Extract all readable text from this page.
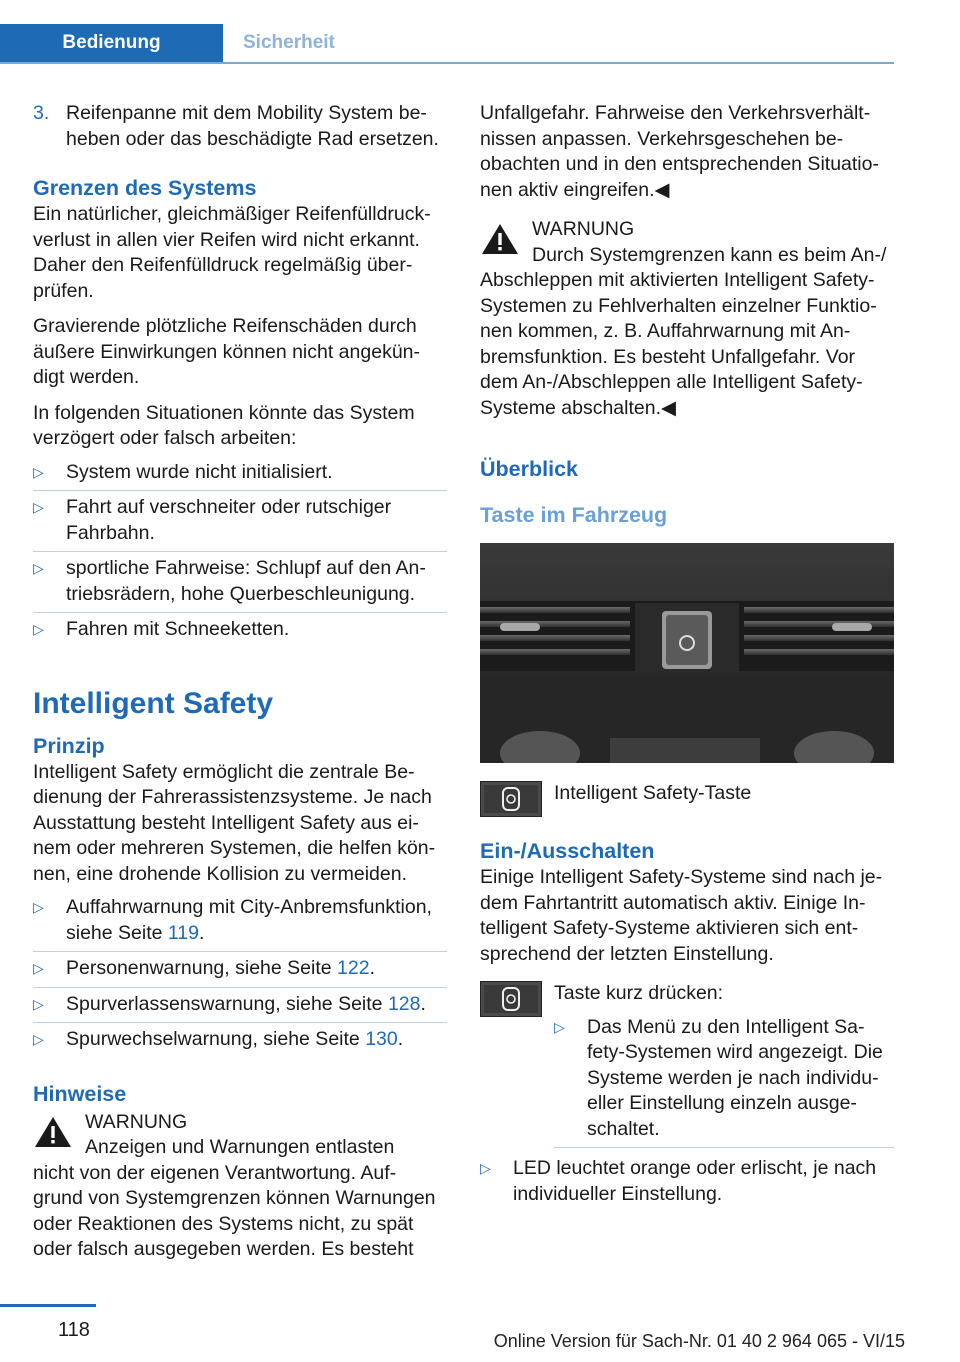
Bedienung	Sicherheit
3. Reifenpanne mit dem Mobility System be- heben oder das beschädigte Rad ersetzen.
Grenzen des Systems

Ein natürlicher, gleichmäßiger Reifenfülldruck- verlust in allen vier Reifen wird nicht erkannt. Daher den Reifenfülldruck regelmäßig über- prüfen.

Gravierende plötzliche Reifenschäden durch äußere Einwirkungen können nicht angekün- digt werden.

In folgenden Situationen könnte das System verzögert oder falsch arbeiten:

▷	System wurde nicht initialisiert.
▷	Fahrt auf verschneiter oder rutschiger Fahrbahn.
▷	sportliche Fahrweise: Schlupf auf den An- triebsrädern, hohe Querbeschleunigung.
▷	Fahren mit Schneeketten.
Intelligent Safety
Prinzip

Intelligent Safety ermöglicht die zentrale Be- dienung der Fahrerassistenzsysteme. Je nach Ausstattung besteht Intelligent Safety aus ei- nem oder mehreren Systemen, die helfen kön- nen, eine drohende Kollision zu vermeiden.

▷	Auffahrwarnung mit City-Anbremsfunktion, siehe Seite 119.
▷	Personenwarnung, siehe Seite 122.
▷	Spurverlassenswarnung, siehe Seite 128.
▷	Spurwechselwarnung, siehe Seite 130.
Hinweise
WARNUNG
Anzeigen und Warnungen entlasten
nicht von der eigenen Verantwortung. Auf- grund von Systemgrenzen können Warnungen oder Reaktionen des Systems nicht, zu spät oder falsch ausgegeben werden. Es besteht

Unfallgefahr. Fahrweise den Verkehrsverhält- nissen anpassen. Verkehrsgeschehen be- obachten und in den entsprechenden Situatio- nen aktiv eingreifen.◀

WARNUNG
Durch Systemgrenzen kann es beim An-/
Abschleppen mit aktivierten Intelligent Safety- Systemen zu Fehlverhalten einzelner Funktio- nen kommen, z. B. Auffahrwarnung mit An- bremsfunktion. Es besteht Unfallgefahr. Vor dem An-/Abschleppen alle Intelligent Safety- Systeme abschalten.◀
Überblick
Taste im Fahrzeug
Intelligent Safety-Taste
Ein-/Ausschalten

Einige Intelligent Safety-Systeme sind nach je- dem Fahrtantritt automatisch aktiv. Einige In- telligent Safety-Systeme aktivieren sich ent- sprechend der letzten Einstellung.

Taste kurz drücken:
▷	Das Menü zu den Intelligent Sa- fety-Systemen wird angezeigt. Die Systeme werden je nach individu- eller Einstellung einzeln ausge- schaltet.
▷	LED leuchtet orange oder erlischt, je nach individueller Einstellung.
118	Online Version für Sach-Nr. 01 40 2 964 065 - VI/15
